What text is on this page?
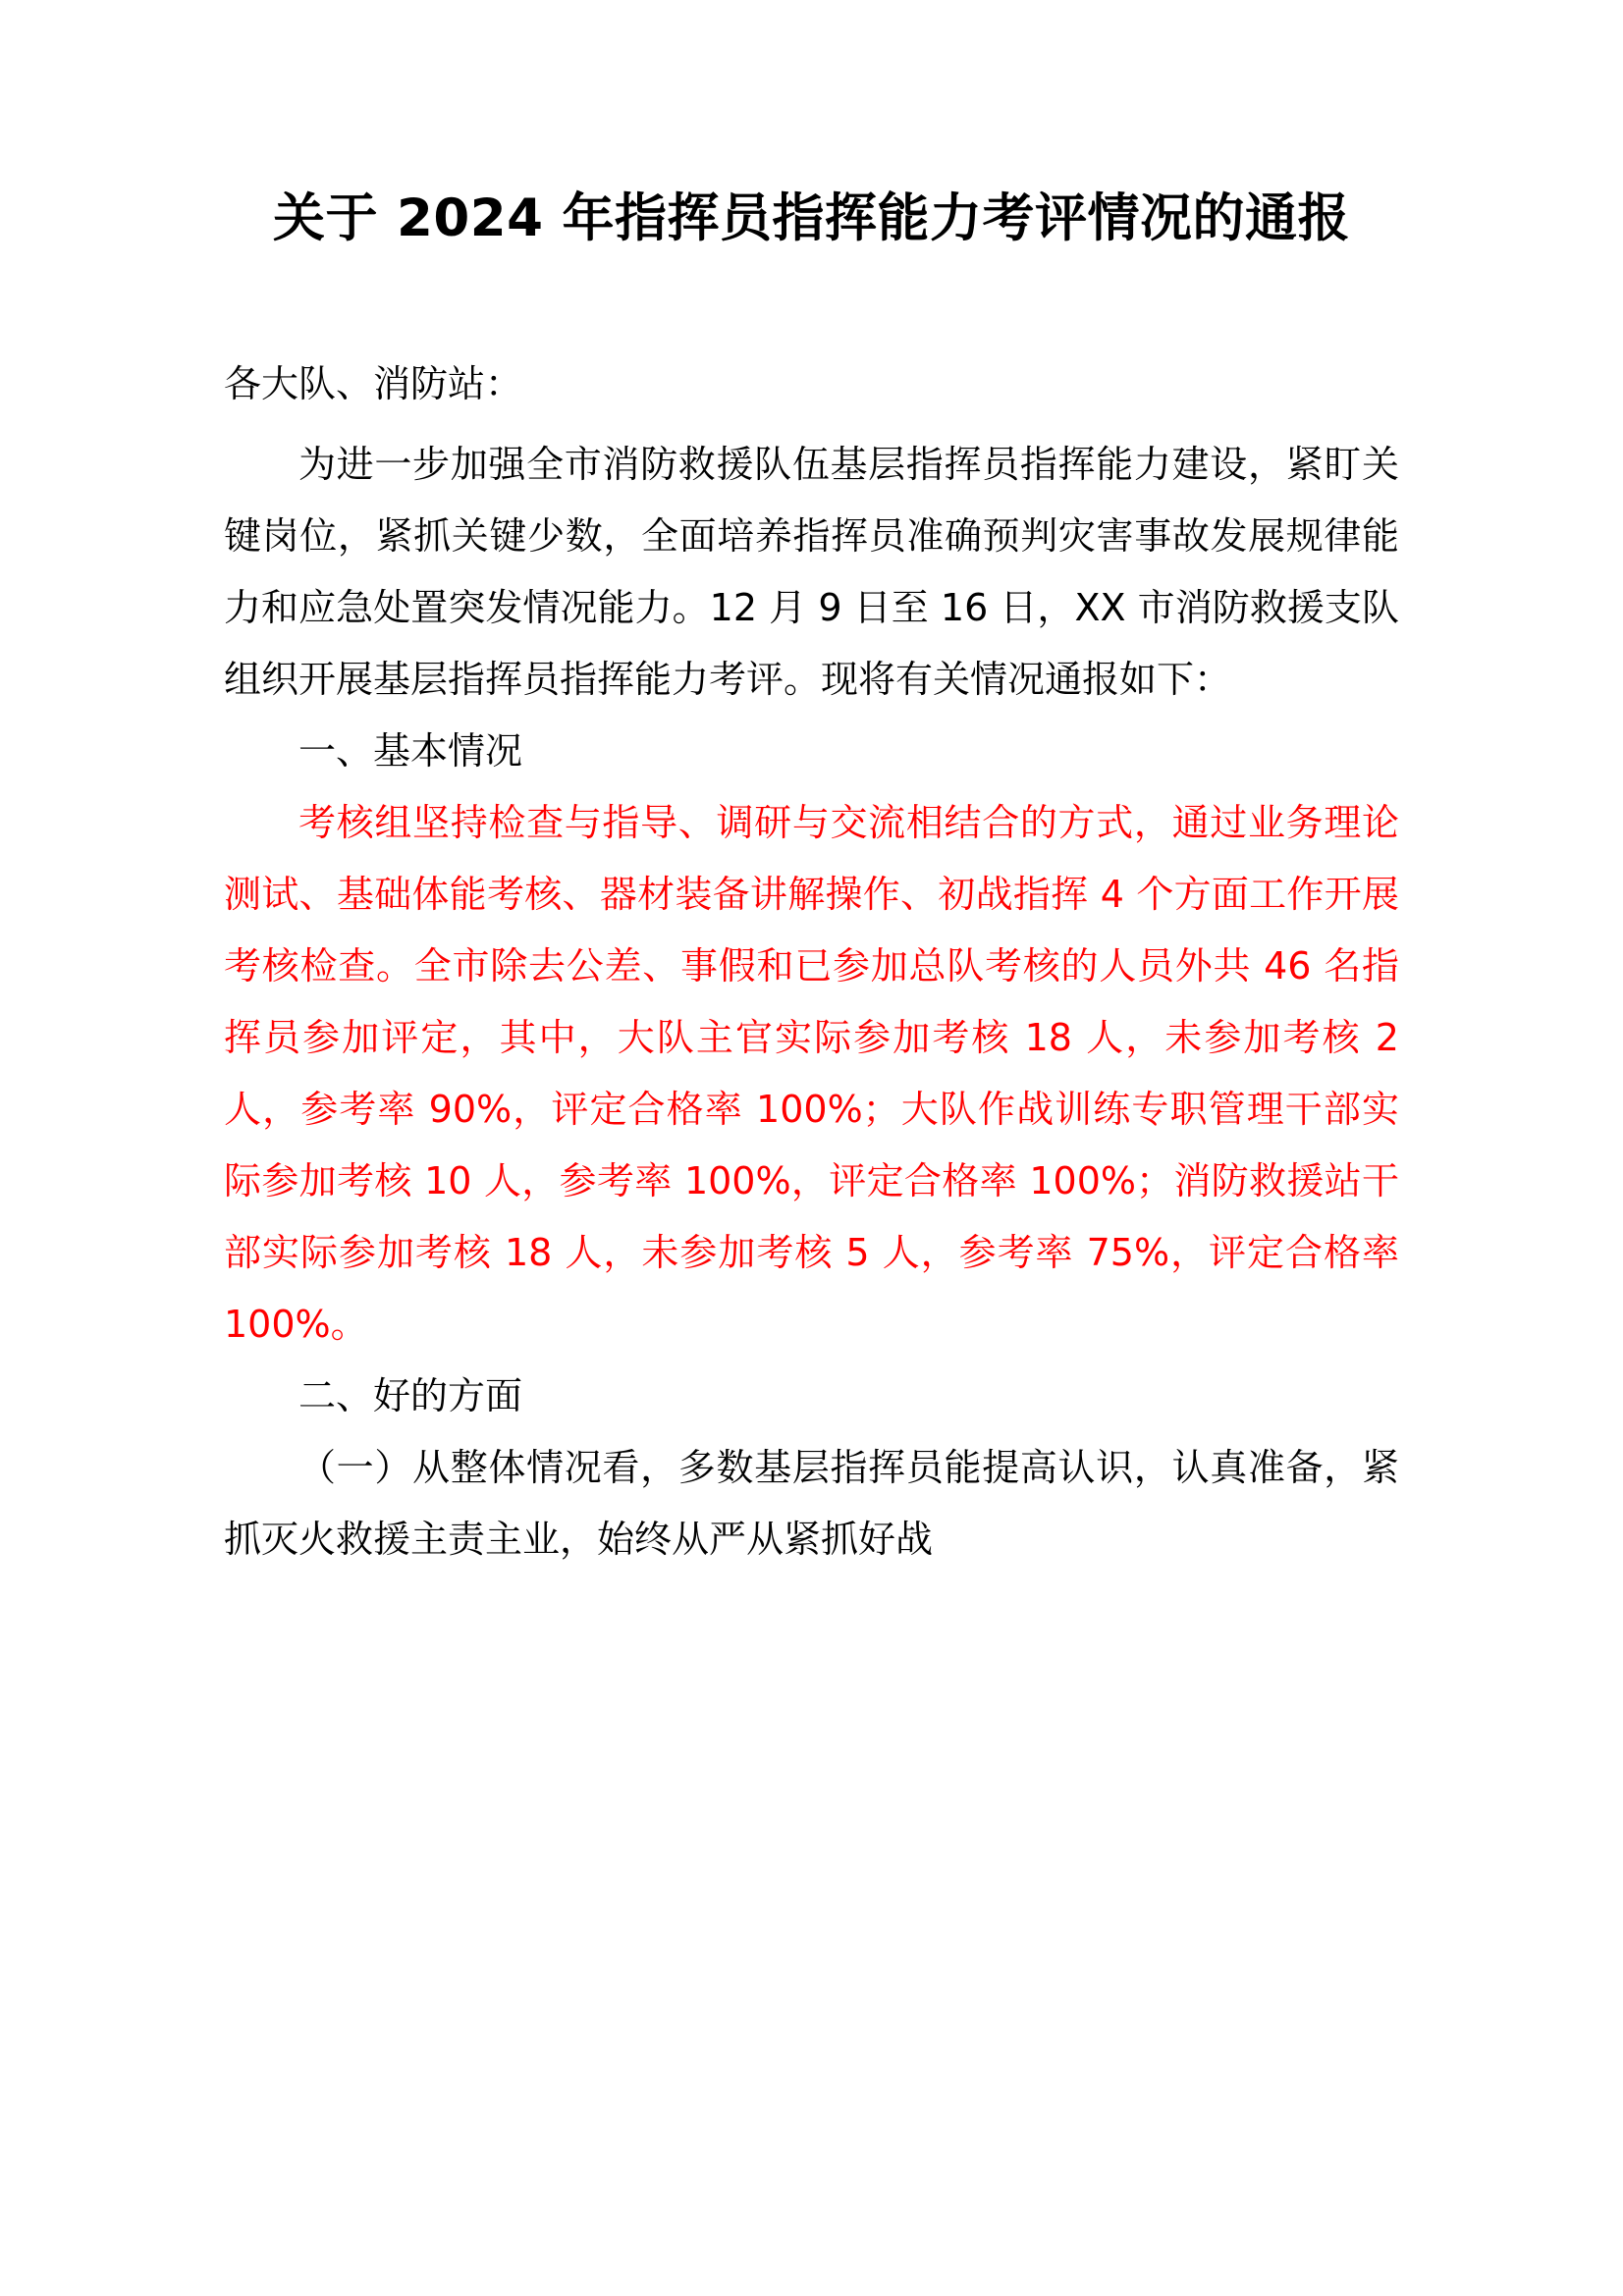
关于 2024 年指挥员指挥能力考评情况的通报
各大队、消防站：

为进一步加强全市消防救援队伍基层指挥员指挥能力建设，紧盯关键岗位，紧抓关键少数，全面培养指挥员准确预判灾害事故发展规律能力和应急处置突发情况能力。12 月 9 日至 16 日，XX 市消防救援支队组织开展基层指挥员指挥能力考评。现将有关情况通报如下：

一、基本情况

考核组坚持检查与指导、调研与交流相结合的方式，通过业务理论测试、基础体能考核、器材装备讲解操作、初战指挥 4 个方面工作开展考核检查。全市除去公差、事假和已参加总队考核的人员外共 46 名指挥员参加评定，其中，大队主官实际参加考核 18 人，未参加考核 2 人，参考率 90%，评定合格率 100%；大队作战训练专职管理干部实际参加考核 10 人，参考率 100%，评定合格率 100%；消防救援站干部实际参加考核 18 人，未参加考核 5 人，参考率 75%，评定合格率 100%。

二、好的方面

（一）从整体情况看，多数基层指挥员能提高认识，认真准备，紧抓灭火救援主责主业，始终从严从紧抓好战
